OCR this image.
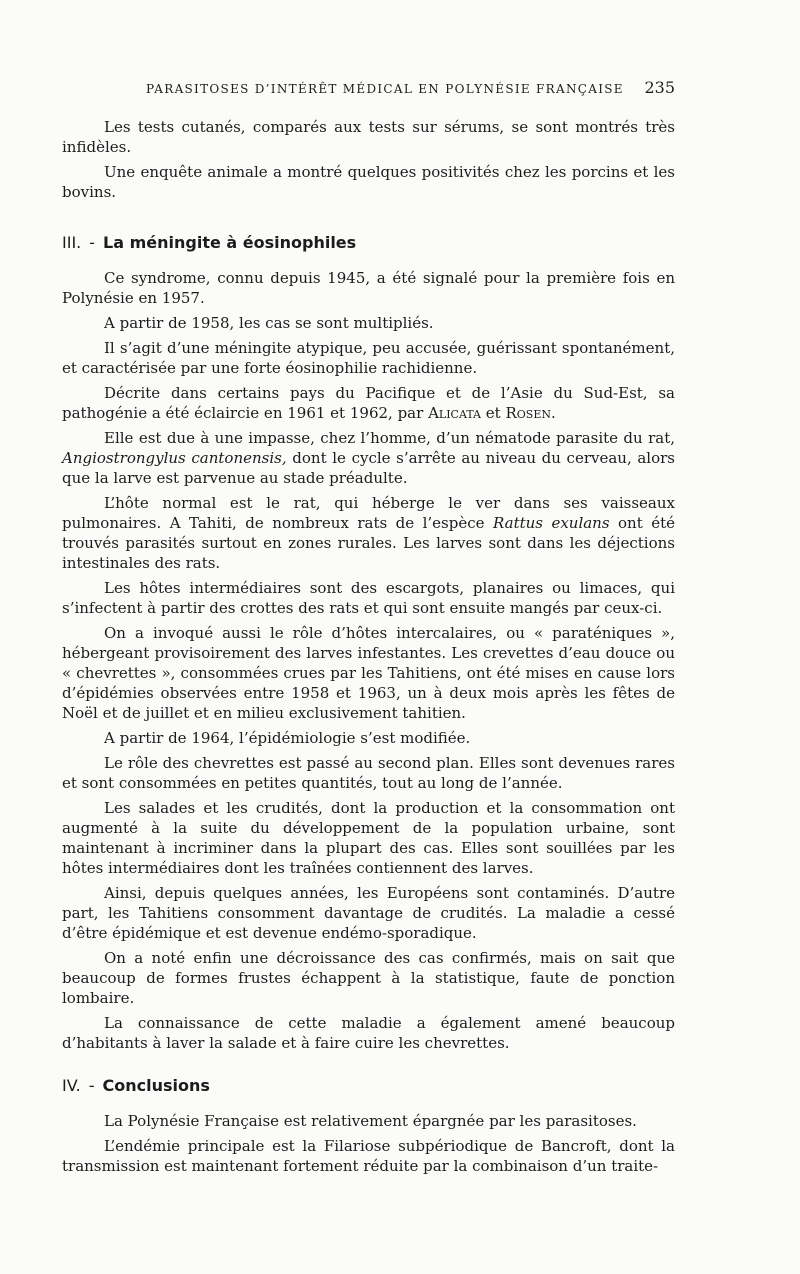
PARASITOSES D’INTÉRÊT MÉDICAL EN POLYNÉSIE FRANÇAISE 235

Les tests cutanés, comparés aux tests sur sérums, se sont montrés très infidèles.

Une enquête animale a montré quelques positivités chez les porcins et les bovins.

III. - La méningite à éosinophiles

Ce syndrome, connu depuis 1945, a été signalé pour la première fois en Polynésie en 1957.

A partir de 1958, les cas se sont multipliés.

Il s’agit d’une méningite atypique, peu accusée, guérissant spontanément, et caractérisée par une forte éosinophilie rachidienne.

Décrite dans certains pays du Pacifique et de l’Asie du Sud-Est, sa pathogénie a été éclaircie en 1961 et 1962, par Alicata et Rosen.

Elle est due à une impasse, chez l’homme, d’un nématode parasite du rat, Angiostrongylus cantonensis, dont le cycle s’arrête au niveau du cerveau, alors que la larve est parvenue au stade préadulte.

L’hôte normal est le rat, qui héberge le ver dans ses vaisseaux pulmonaires. A Tahiti, de nombreux rats de l’espèce Rattus exulans ont été trouvés parasités surtout en zones rurales. Les larves sont dans les déjections intestinales des rats.

Les hôtes intermédiaires sont des escargots, planaires ou limaces, qui s’infectent à partir des crottes des rats et qui sont ensuite mangés par ceux-ci.

On a invoqué aussi le rôle d’hôtes intercalaires, ou « paraténiques », hébergeant provisoirement des larves infestantes. Les crevettes d’eau douce ou « chevrettes », consommées crues par les Tahitiens, ont été mises en cause lors d’épidémies observées entre 1958 et 1963, un à deux mois après les fêtes de Noël et de juillet et en milieu exclusivement tahitien.

A partir de 1964, l’épidémiologie s’est modifiée.

Le rôle des chevrettes est passé au second plan. Elles sont devenues rares et sont consommées en petites quantités, tout au long de l’année.

Les salades et les crudités, dont la production et la consommation ont augmenté à la suite du développement de la population urbaine, sont maintenant à incriminer dans la plupart des cas. Elles sont souillées par les hôtes intermédiaires dont les traînées contiennent des larves.

Ainsi, depuis quelques années, les Européens sont contaminés. D’autre part, les Tahitiens consomment davantage de crudités. La maladie a cessé d’être épidémique et est devenue endémo-sporadique.

On a noté enfin une décroissance des cas confirmés, mais on sait que beaucoup de formes frustes échappent à la statistique, faute de ponction lombaire.

La connaissance de cette maladie a également amené beaucoup d’habitants à laver la salade et à faire cuire les chevrettes.

IV. - Conclusions

La Polynésie Française est relativement épargnée par les parasitoses.

L’endémie principale est la Filariose subpériodique de Bancroft, dont la transmission est maintenant fortement réduite par la combinaison d’un traite-
